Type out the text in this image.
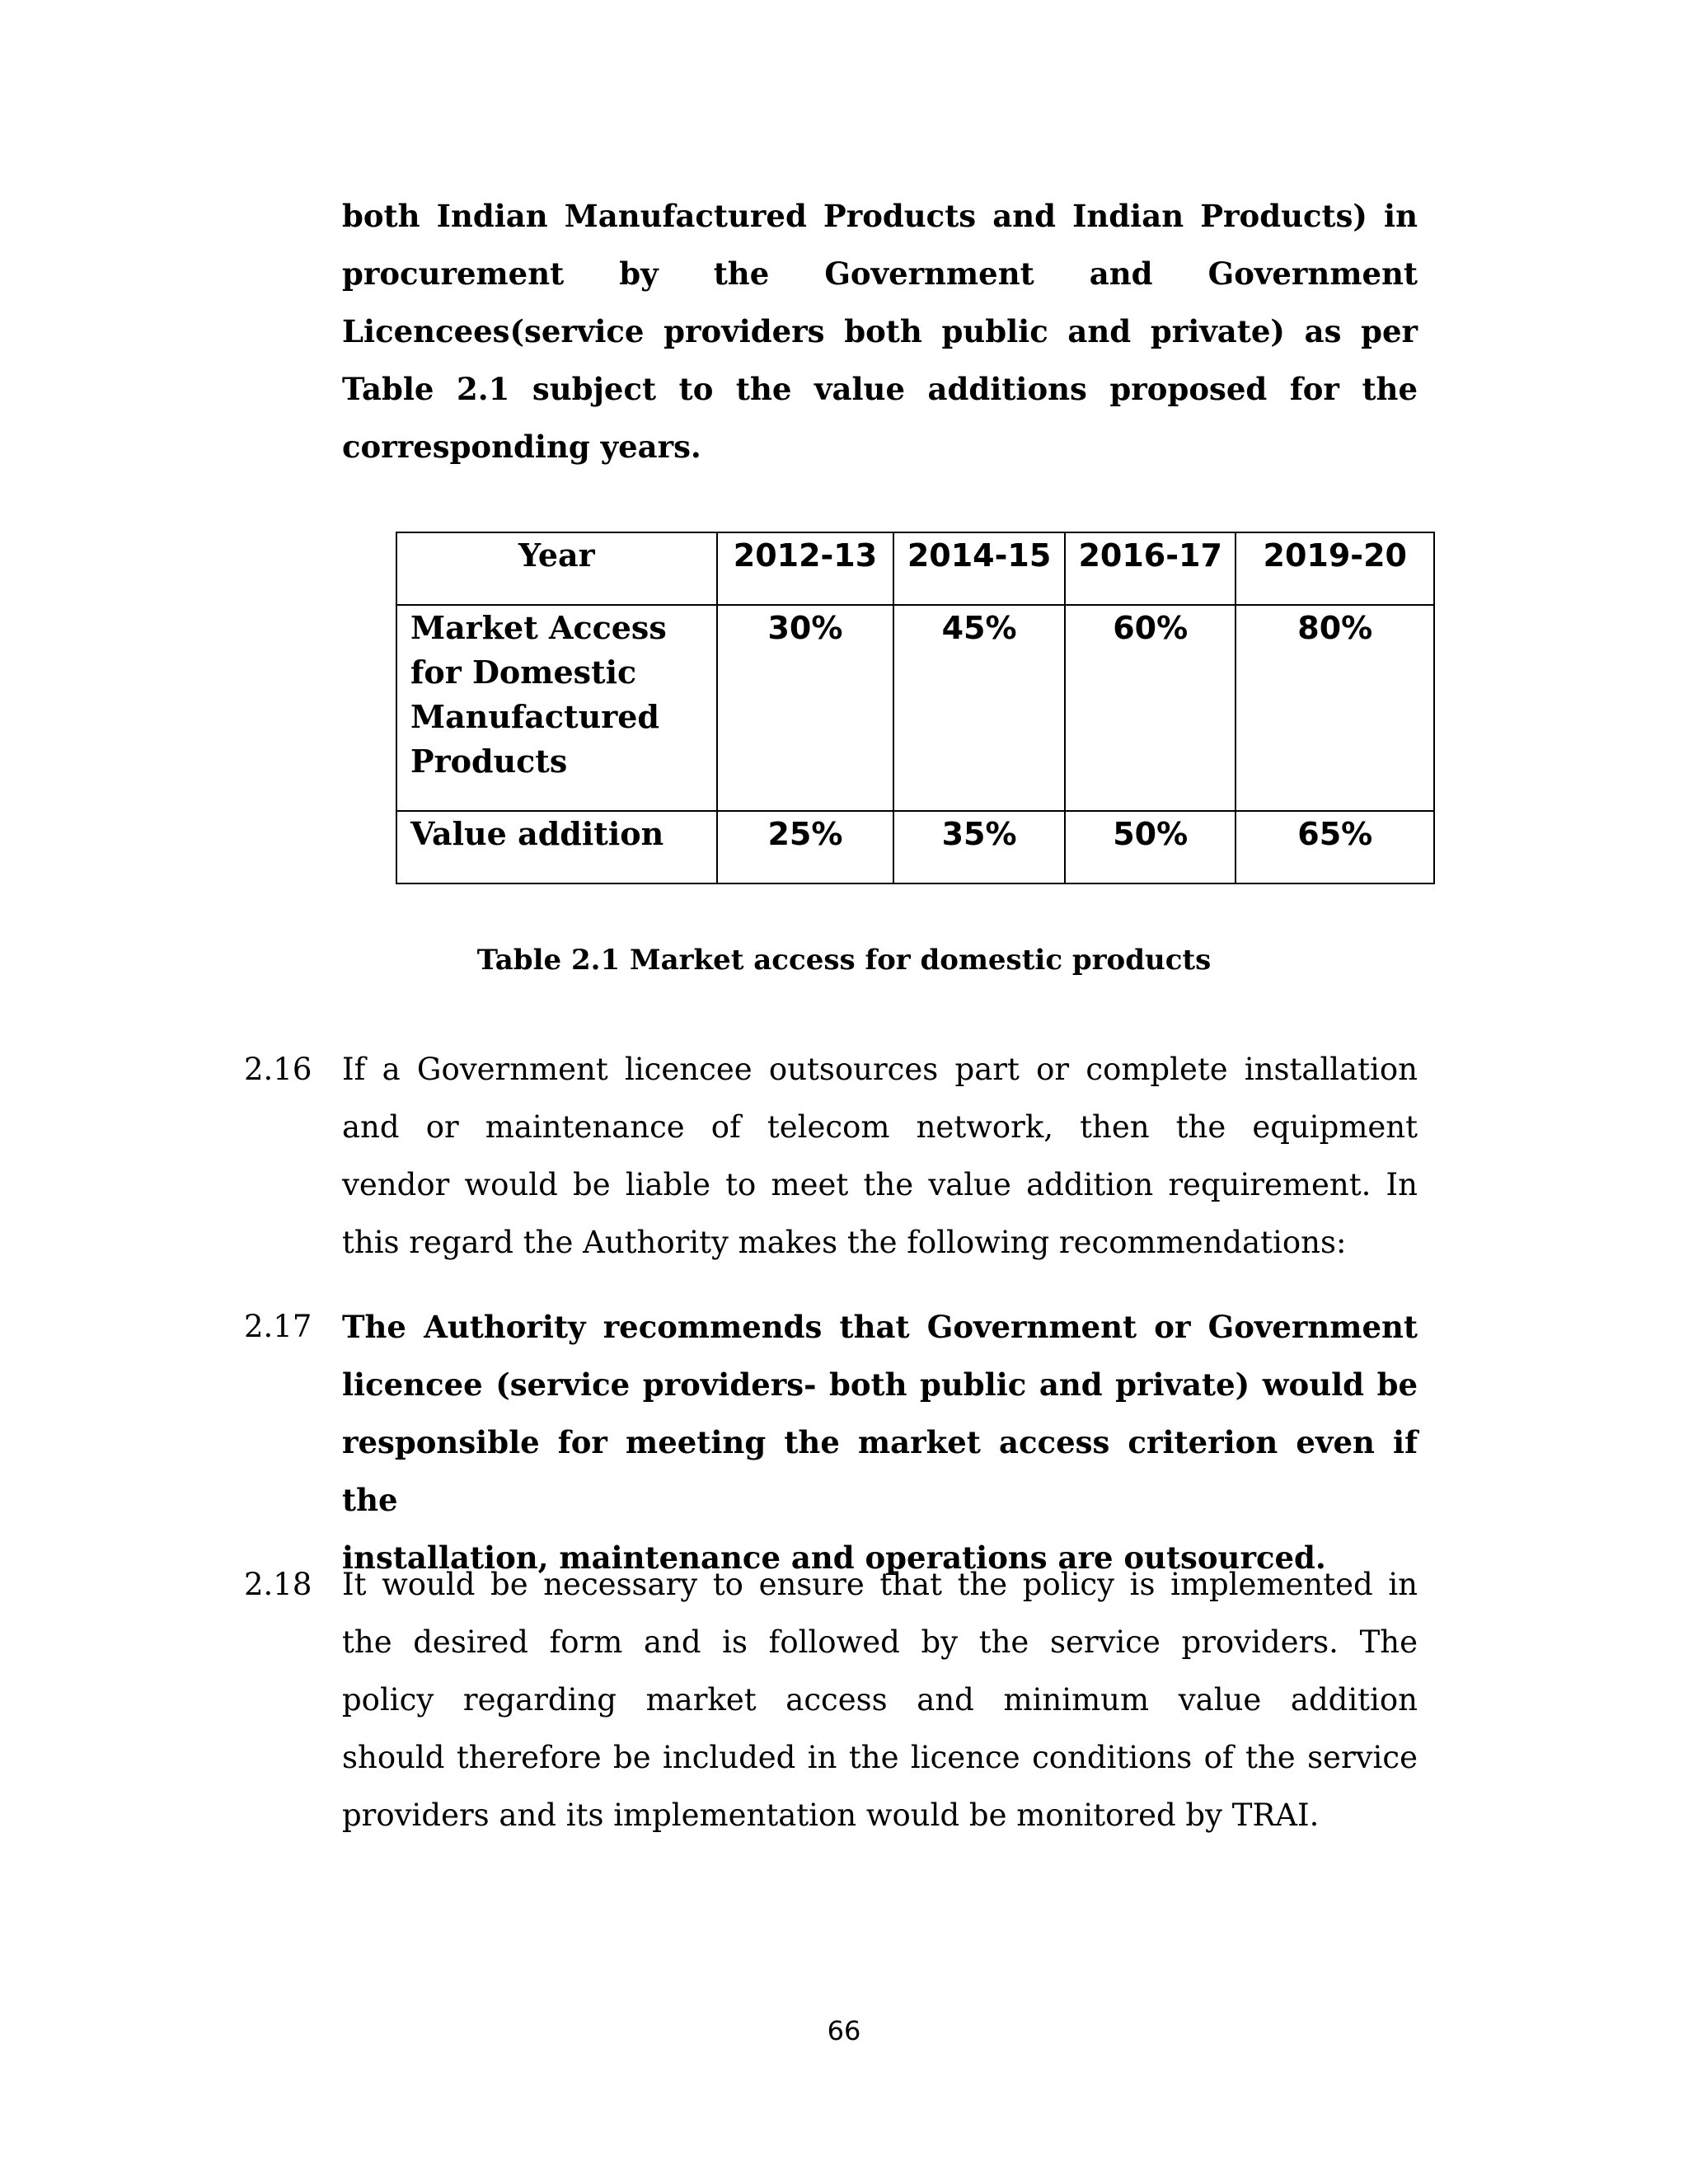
both Indian Manufactured Products and Indian Products) in
procurement by the Government and Government
Licencees(service providers both public and private) as per
Table 2.1 subject to the value additions proposed for the
corresponding years.
Year	2012-13	2014-15	2016-17	2019-20

Market Access
for Domestic
Manufactured
Products	30%	45%	60%	80%

Value addition	25%	35%	50%	65%
Table 2.1 Market access for domestic products
2.16 If a Government licencee outsources part or complete installation
and or maintenance of telecom network, then the equipment
vendor would be liable to meet the value addition requirement. In
this regard the Authority makes the following recommendations:
2.17 The Authority recommends that Government or Government
licencee (service providers- both public and private) would be
responsible for meeting the market access criterion even if the
installation, maintenance and operations are outsourced.
2.18 It would be necessary to ensure that the policy is implemented in
the desired form and is followed by the service providers. The
policy regarding market access and minimum value addition
should therefore be included in the licence conditions of the service
providers and its implementation would be monitored by TRAI.
66
